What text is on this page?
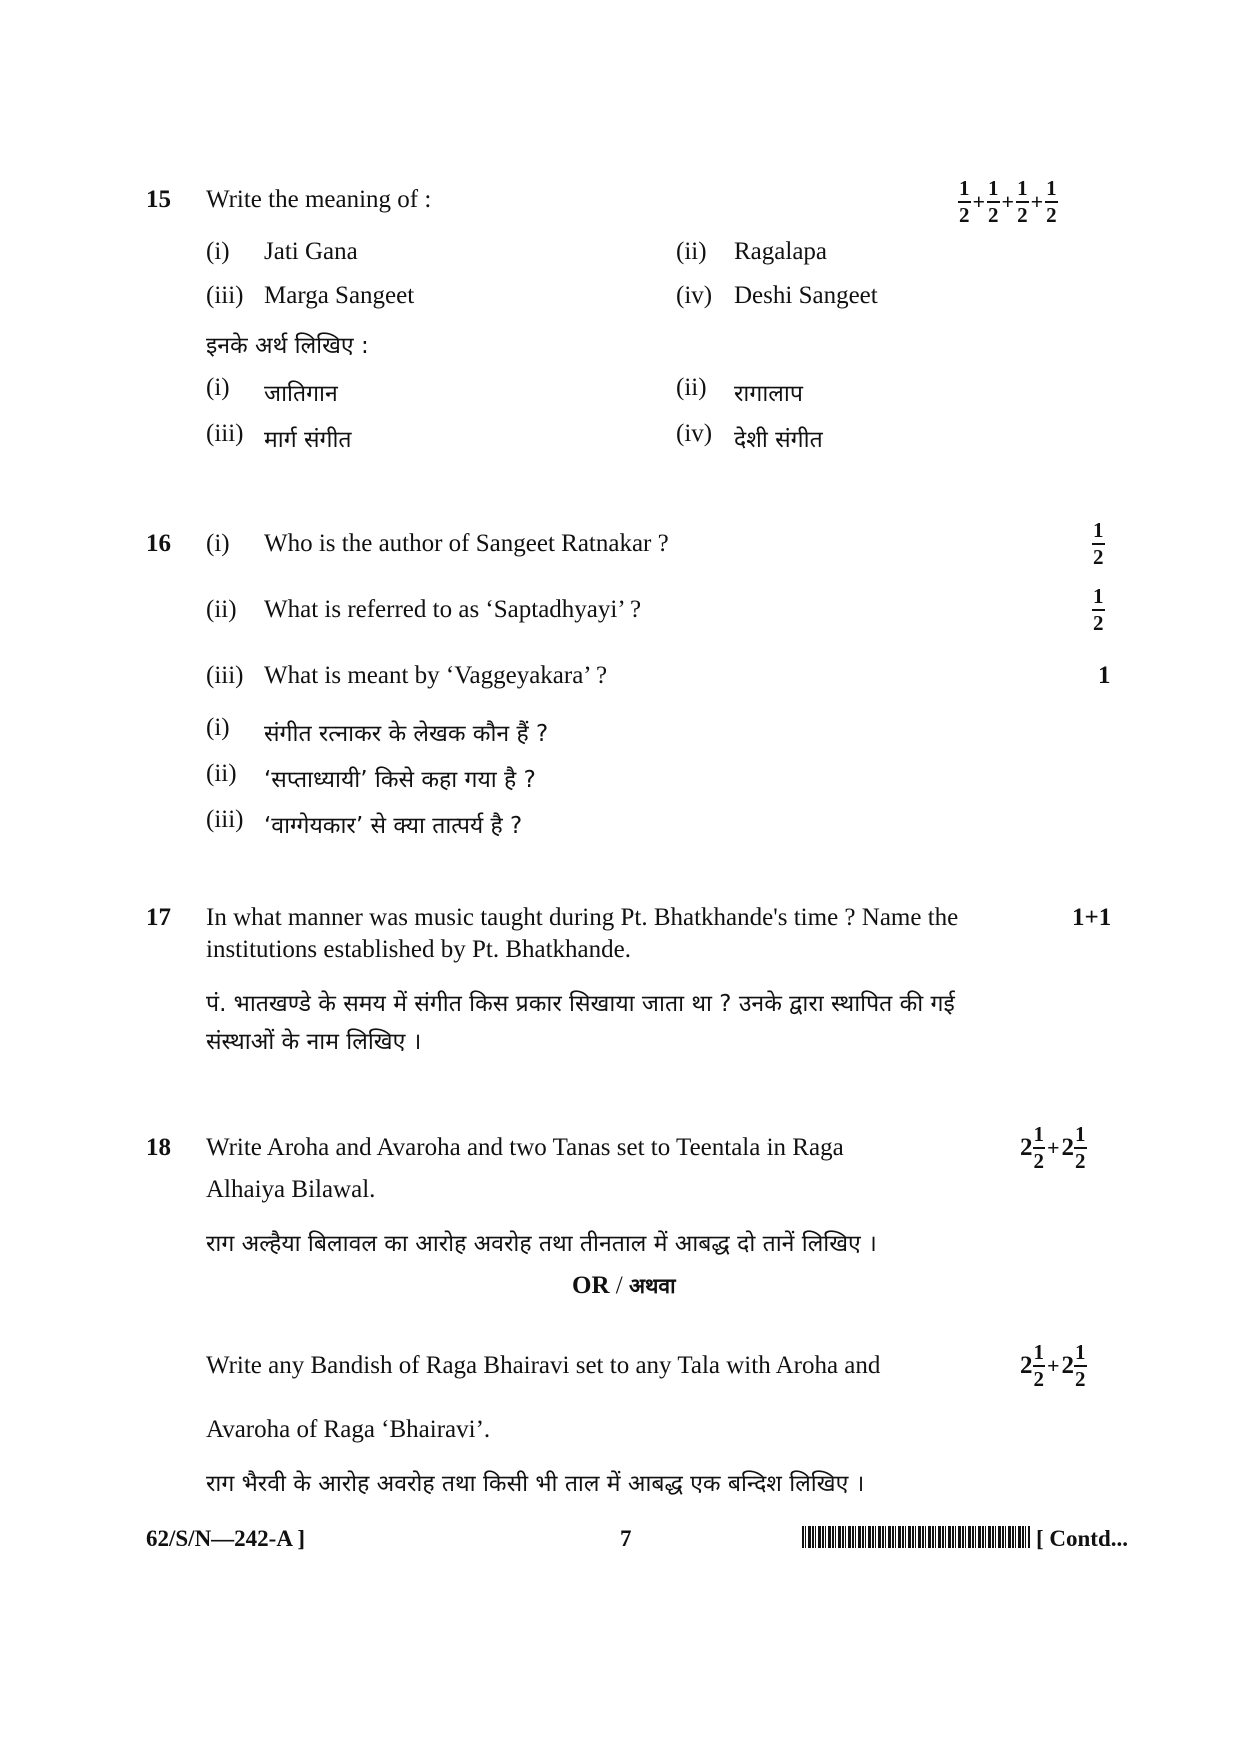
15 Write the meaning of :	$\frac{1}{2} + \frac{1}{2} + \frac{1}{2} + \frac{1}{2}$
(i) Jati Gana	(ii) Ragalapa
(iii) Marga Sangeet	(iv) Deshi Sangeet
इनके अर्थ लिखिए :
(i) जातिगान	(ii) रागालाप
(iii) मार्ग संगीत	(iv) देशी संगीत
16 (i) Who is the author of Sangeet Ratnakar ?	$\frac{1}{2}$
(ii) What is referred to as ‘Saptadhyayi’ ?	$\frac{1}{2}$
(iii) What is meant by ‘Vaggeyakara’ ?	1
(i) संगीत रत्नाकर के लेखक कौन हैं ?
(ii) ‘सप्ताध्यायी’ किसे कहा गया है ?
(iii) ‘वाग्गेयकार’ से क्या तात्पर्य है ?
17 In what manner was music taught during Pt. Bhatkhande's time ? Name the
institutions established by Pt. Bhatkhande.
1+1
पं. भातखण्डे के समय में संगीत किस प्रकार सिखाया जाता था ? उनके द्वारा स्थापित की गई
संस्थाओं के नाम लिखिए ।
18 Write Aroha and Avaroha and two Tanas set to Teentala in Raga
Alhaiya Bilawal.
$2 \frac{1}{2} +2 \frac{1}{2}$
राग अल्हैया बिलावल का आरोह अवरोह तथा तीनताल में आबद्ध दो तानें लिखिए ।
OR / अथवा
Write any Bandish of Raga Bhairavi set to any Tala with Aroha and	$2 \frac{1}{2} +2 \frac{1}{2}$
Avaroha of Raga ‘Bhairavi’.
राग भैरवी के आरोह अवरोह तथा किसी भी ताल में आबद्ध एक बन्दिश लिखिए ।
62/S/N—242-A ]	7	[ Contd...
